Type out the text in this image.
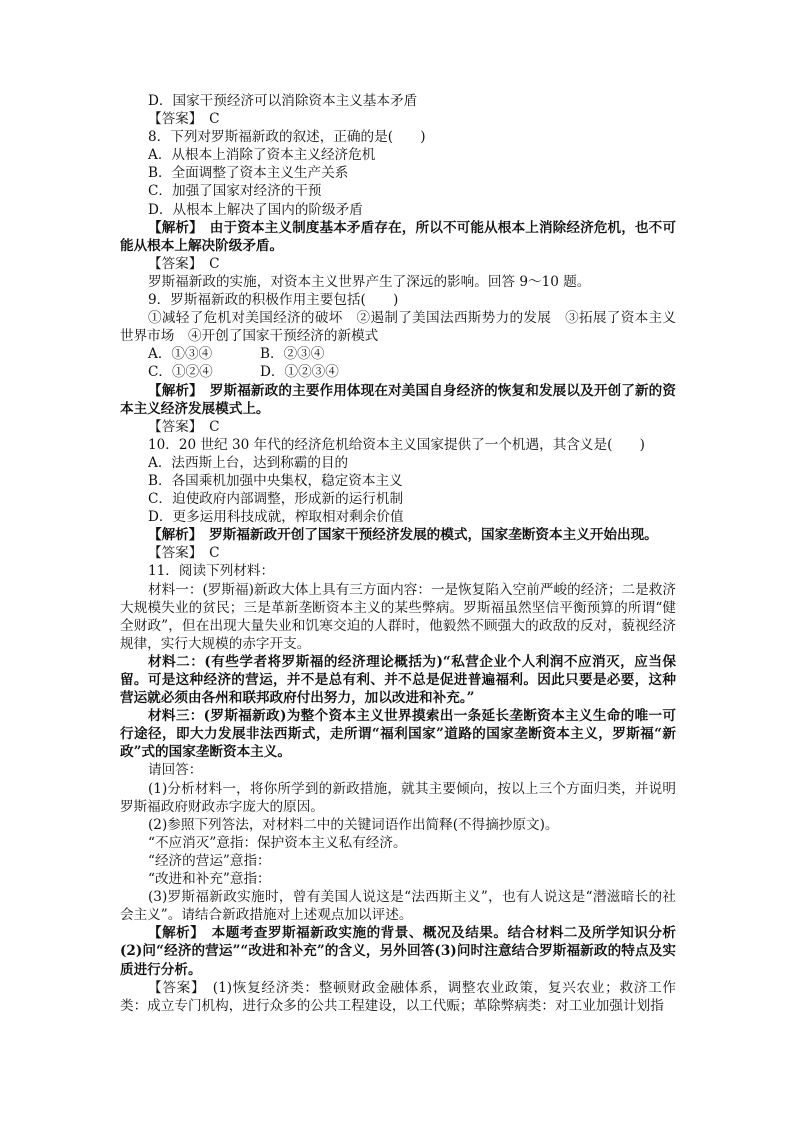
D．国家干预经济可以消除资本主义基本矛盾
【答案】　C
8．下列对罗斯福新政的叙述，正确的是(　　)
A．从根本上消除了资本主义经济危机
B．全面调整了资本主义生产关系
C．加强了国家对经济的干预
D．从根本上解决了国内的阶级矛盾
【解析】　由于资本主义制度基本矛盾存在，所以不可能从根本上消除经济危机，也不可能从根本上解决阶级矛盾。
【答案】　C
罗斯福新政的实施，对资本主义世界产生了深远的影响。回答 9～10 题。
9．罗斯福新政的积极作用主要包括(　　)
①减轻了危机对美国经济的破坏　②遏制了美国法西斯势力的发展　③拓展了资本主义世界市场　④开创了国家干预经济的新模式
A．①③④	B．②③④
C．①②④	D．①②③④
【解析】　罗斯福新政的主要作用体现在对美国自身经济的恢复和发展以及开创了新的资本主义经济发展模式上。
【答案】　C
10．20 世纪 30 年代的经济危机给资本主义国家提供了一个机遇，其含义是(　　)
A．法西斯上台，达到称霸的目的
B．各国乘机加强中央集权，稳定资本主义
C．迫使政府内部调整，形成新的运行机制
D．更多运用科技成就，榨取相对剩余价值
【解析】　罗斯福新政开创了国家干预经济发展的模式，国家垄断资本主义开始出现。
【答案】　C
11．阅读下列材料：
材料一：(罗斯福)新政大体上具有三方面内容：一是恢复陷入空前严峻的经济；二是救济大规模失业的贫民；三是革新垄断资本主义的某些弊病。罗斯福虽然坚信平衡预算的所谓“健全财政”，但在出现大量失业和饥寒交迫的人群时，他毅然不顾强大的政敌的反对，藐视经济规律，实行大规模的赤字开支。
材料二：(有些学者将罗斯福的经济理论概括为)“私营企业个人利润不应消灭，应当保留。可是这种经济的营运，并不是总有利、并不总是促进普遍福利。因此只要是必要，这种营运就必须由各州和联邦政府付出努力，加以改进和补充。”
材料三：(罗斯福新政)为整个资本主义世界摸索出一条延长垄断资本主义生命的唯一可行途径，即大力发展非法西斯式，走所谓“福利国家”道路的国家垄断资本主义，罗斯福“新政”式的国家垄断资本主义。
请回答：
(1)分析材料一，将你所学到的新政措施，就其主要倾向，按以上三个方面归类，并说明罗斯福政府财政赤字庞大的原因。
(2)参照下列答法，对材料二中的关键词语作出简释(不得摘抄原文)。
“不应消灭”意指：保护资本主义私有经济。
“经济的营运”意指：
“改进和补充”意指：
(3)罗斯福新政实施时，曾有美国人说这是“法西斯主义”，也有人说这是“潜滋暗长的社会主义”。请结合新政措施对上述观点加以评述。
【解析】　本题考查罗斯福新政实施的背景、概况及结果。结合材料二及所学知识分析(2)问“经济的营运”“改进和补充”的含义，另外回答(3)问时注意结合罗斯福新政的特点及实质进行分析。
【答案】　(1)恢复经济类：整顿财政金融体系，调整农业政策，复兴农业；救济工作类：成立专门机构，进行众多的公共工程建设，以工代赈；革除弊病类：对工业加强计划指
